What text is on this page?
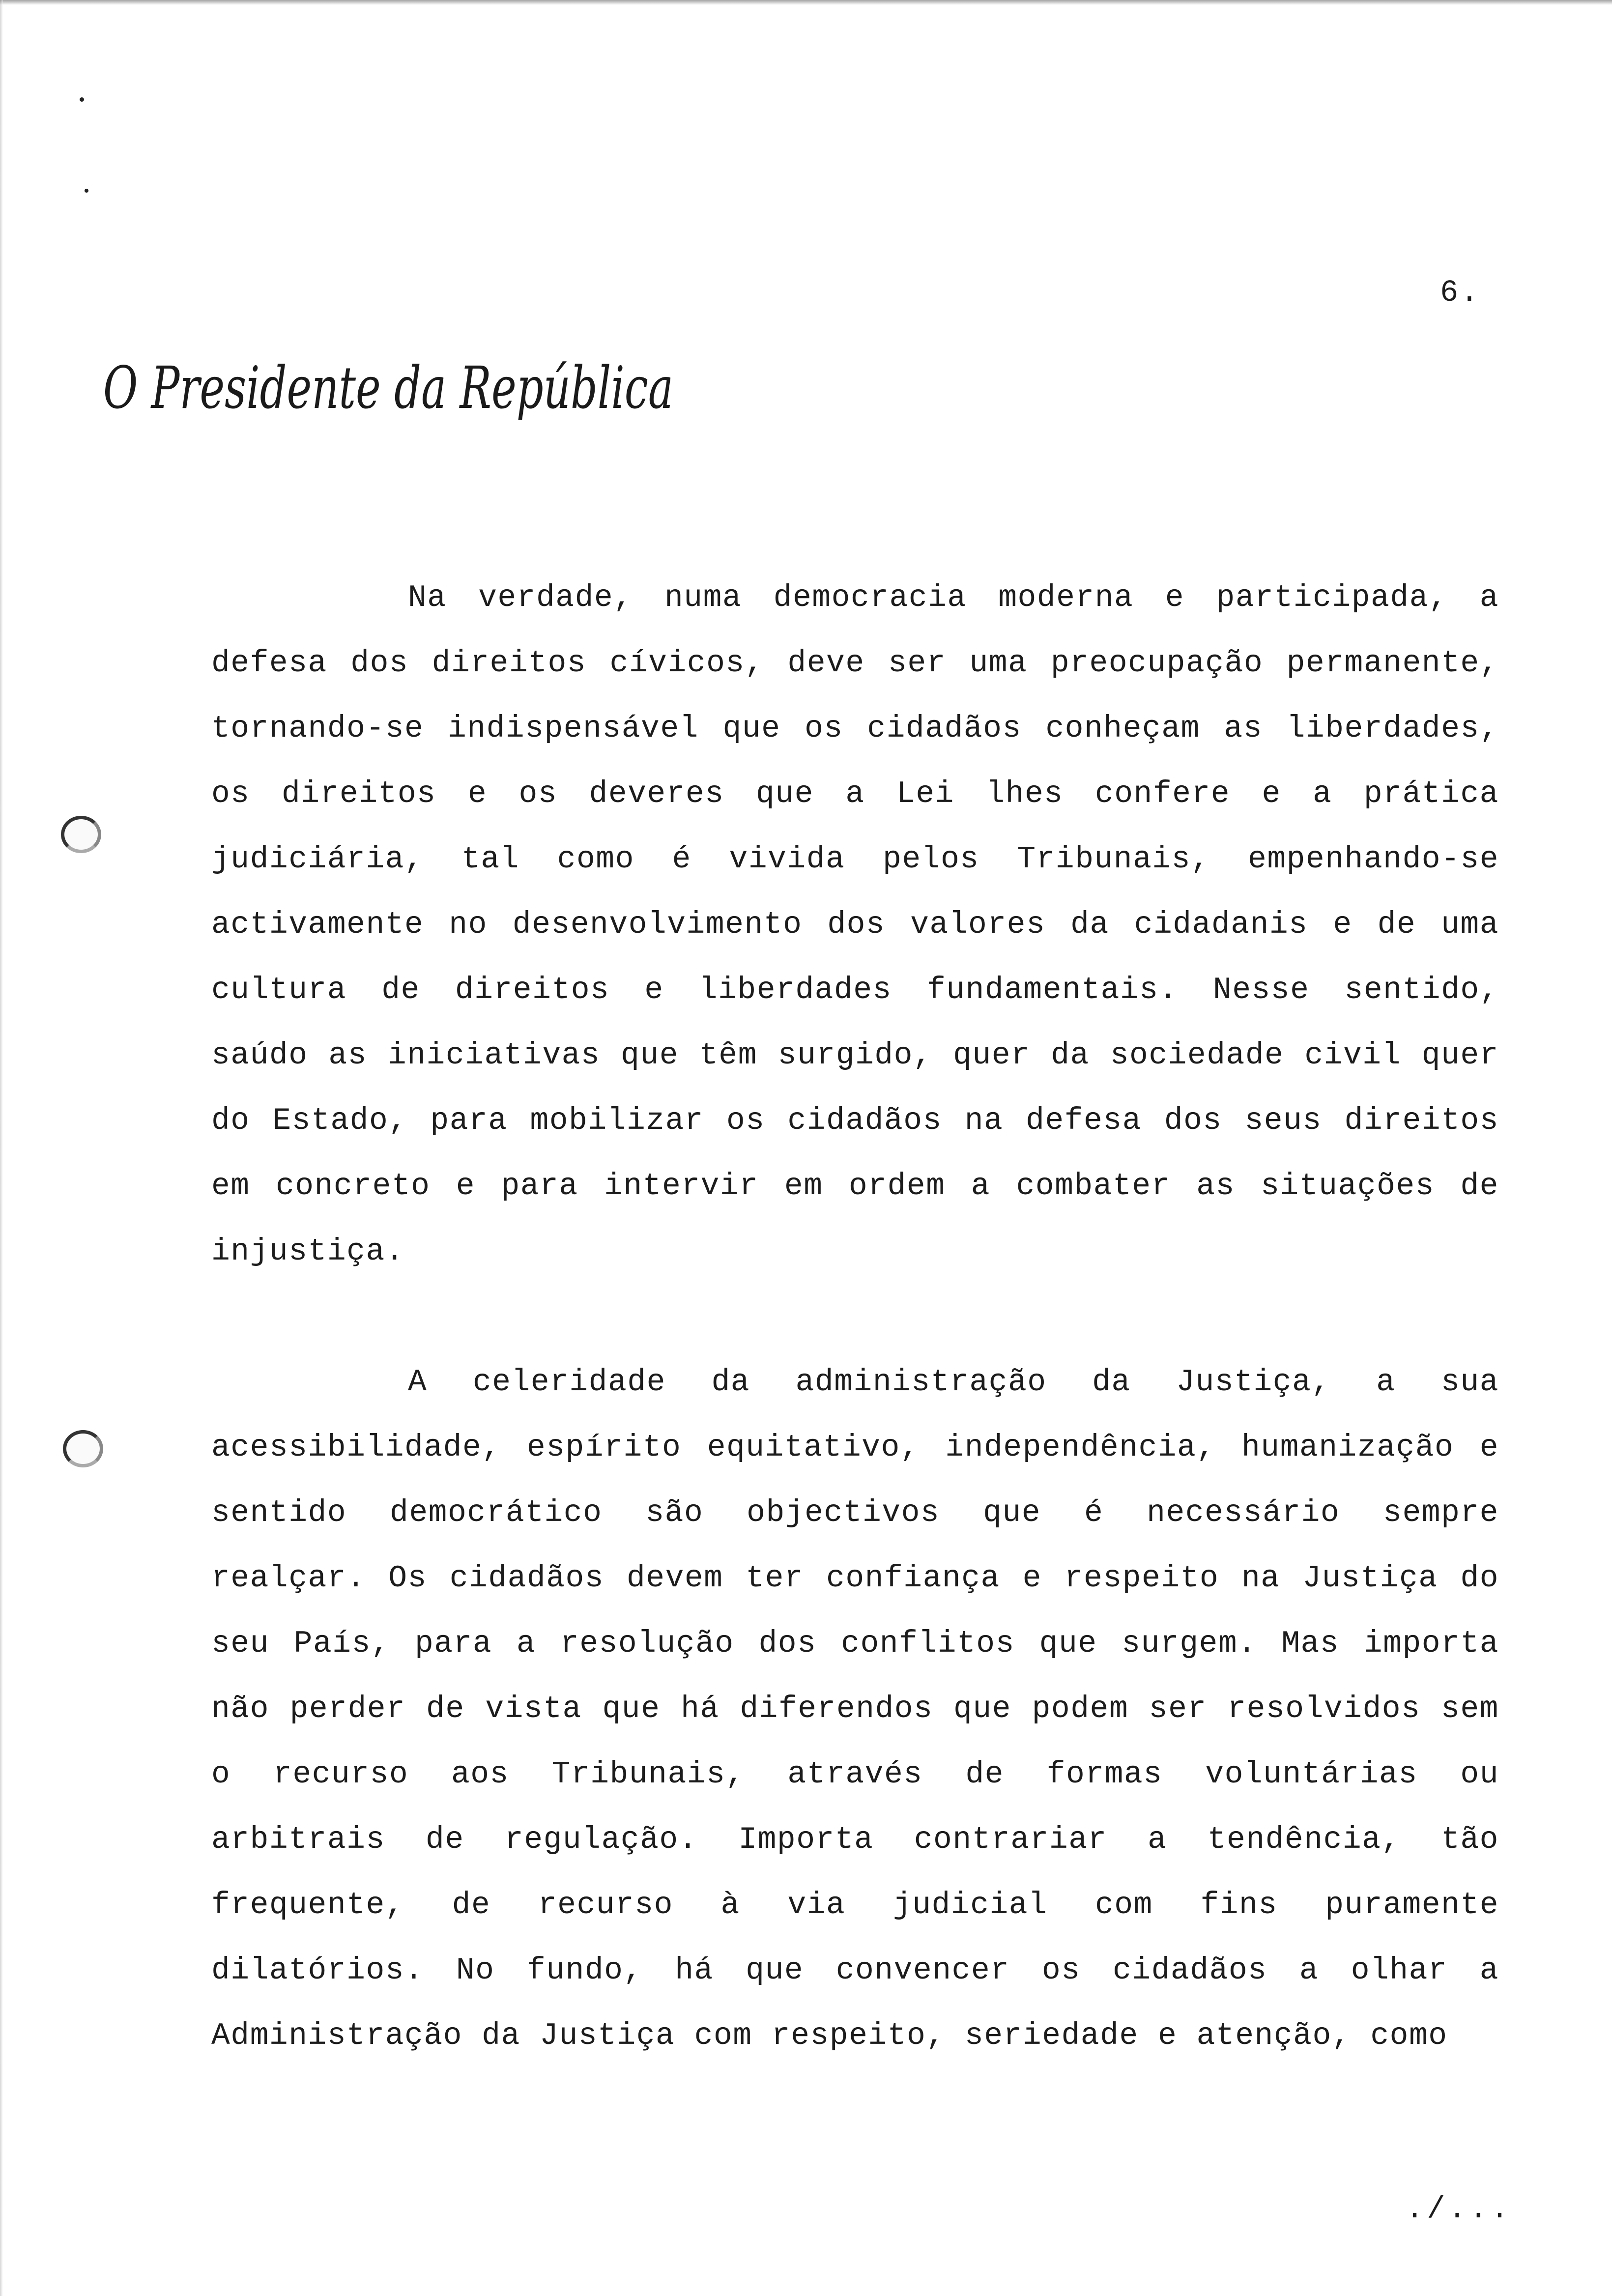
6.
O Presidente da República

Na verdade, numa democracia moderna e participada, a defesa dos direitos cívicos, deve ser uma preocupação permanente, tornando-se indispensável que os cidadãos conheçam as liberdades, os direitos e os deveres que a Lei lhes confere e a prática judiciária, tal como é vivida pelos Tribunais, empenhando-se activamente no desenvolvimento dos valores da cidadanis e de uma cultura de direitos e liberdades fundamentais. Nesse sentido, saúdo as iniciativas que têm surgido, quer da sociedade civil quer do Estado, para mobilizar os cidadãos na defesa dos seus direitos em concreto e para intervir em ordem a combater as situações de injustiça.

A celeridade da administração da Justiça, a sua acessibilidade, espírito equitativo, independência, humanização e sentido democrático são objectivos que é necessário sempre realçar. Os cidadãos devem ter confiança e respeito na Justiça do seu País, para a resolução dos conflitos que surgem. Mas importa não perder de vista que há diferendos que podem ser resolvidos sem o recurso aos Tribunais, através de formas voluntárias ou arbitrais de regulação. Importa contrariar a tendência, tão frequente, de recurso à via judicial com fins puramente dilatórios. No fundo, há que convencer os cidadãos a olhar a Administração da Justiça com respeito, seriedade e atenção, como

./...
